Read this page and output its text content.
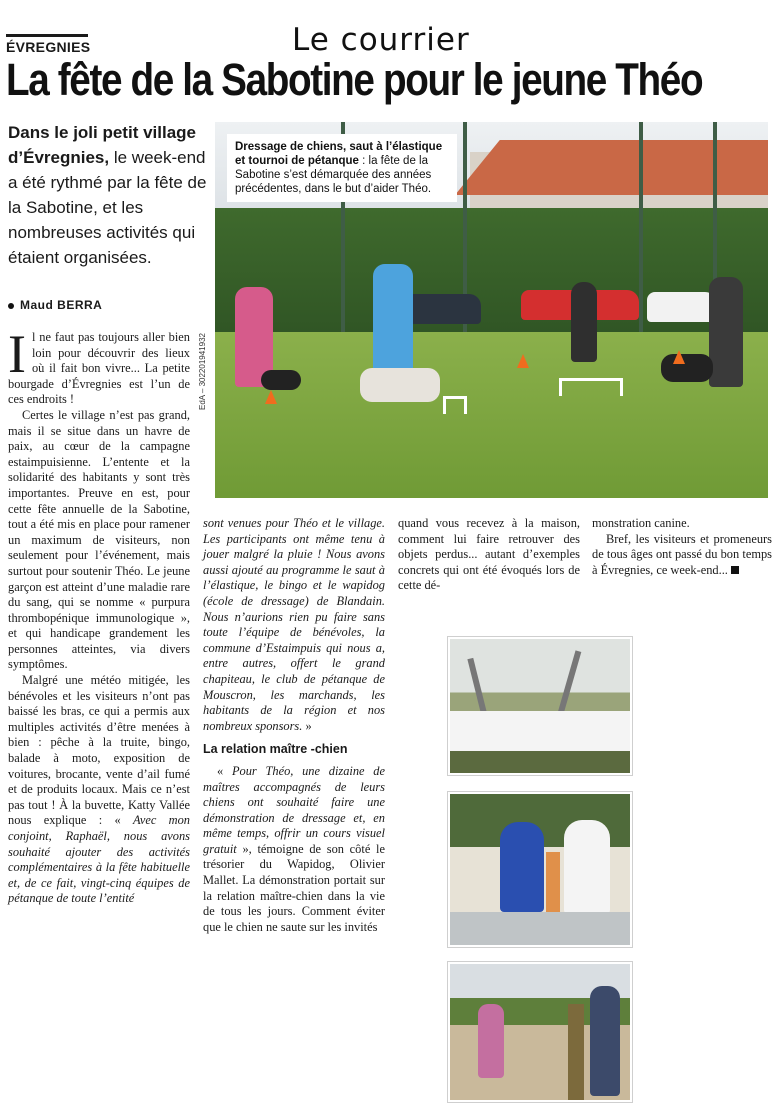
ÉVREGNIES	Le courrier
La fête de la Sabotine pour le jeune Théo
Dans le joli petit village d’Évregnies, le week-end a été rythmé par la fête de la Sabotine, et les nombreuses activités qui étaient organisées.
Maud BERRA
Dressage de chiens, saut à l’élastique et tournoi de pétanque : la fête de la Sabotine s’est démarquée des années précédentes, dans le but d’aider Théo.
EdA – 302201941932

Il ne faut pas toujours aller bien loin pour découvrir des lieux où il fait bon vivre... La petite bourgade d’Évregnies est l’un de ces endroits !

Certes le village n’est pas grand, mais il se situe dans un havre de paix, au cœur de la campagne estaimpuisienne. L’entente et la solidarité des habitants y sont très importantes. Preuve en est, pour cette fête annuelle de la Sabotine, tout a été mis en place pour ramener un maximum de visiteurs, non seulement pour l’événement, mais surtout pour soutenir Théo. Le jeune garçon est atteint d’une maladie rare du sang, qui se nomme « purpura thrombopénique immunologique », et qui handicape grandement les personnes atteintes, via divers symptômes.

Malgré une météo mitigée, les bénévoles et les visiteurs n’ont pas baissé les bras, ce qui a permis aux multiples activités d’être menées à bien : pêche à la truite, bingo, balade à moto, exposition de voitures, brocante, vente d’ail fumé et de produits locaux. Mais ce n’est pas tout ! À la buvette, Katty Vallée nous explique : « Avec mon conjoint, Raphaël, nous avons souhaité ajouter des activités complémentaires à la fête habituelle et, de ce fait, vingt-cinq équipes de pétanque de toute l’entité

sont venues pour Théo et le village. Les participants ont même tenu à jouer malgré la pluie ! Nous avons aussi ajouté au programme le saut à l’élastique, le bingo et le wapidog (école de dressage) de Blandain. Nous n’aurions rien pu faire sans toute l’équipe de bénévoles, la commune d’Estaimpuis qui nous a, entre autres, offert le grand chapiteau, le club de pétanque de Mouscron, les marchands, les habitants de la région et nos nombreux sponsors. »

La relation maître -chien

« Pour Théo, une dizaine de maîtres accompagnés de leurs chiens ont souhaité faire une démonstration de dressage et, en même temps, offrir un cours visuel gratuit », témoigne de son côté le trésorier du Wapidog, Olivier Mallet. La démonstration portait sur la relation maître-chien dans la vie de tous les jours. Comment éviter que le chien ne saute sur les invités

quand vous recevez à la maison, comment lui faire retrouver des objets perdus... autant d’exemples concrets qui ont été évoqués lors de cette dé-

monstration canine.

Bref, les visiteurs et promeneurs de tous âges ont passé du bon temps à Évregnies, ce week-end...
